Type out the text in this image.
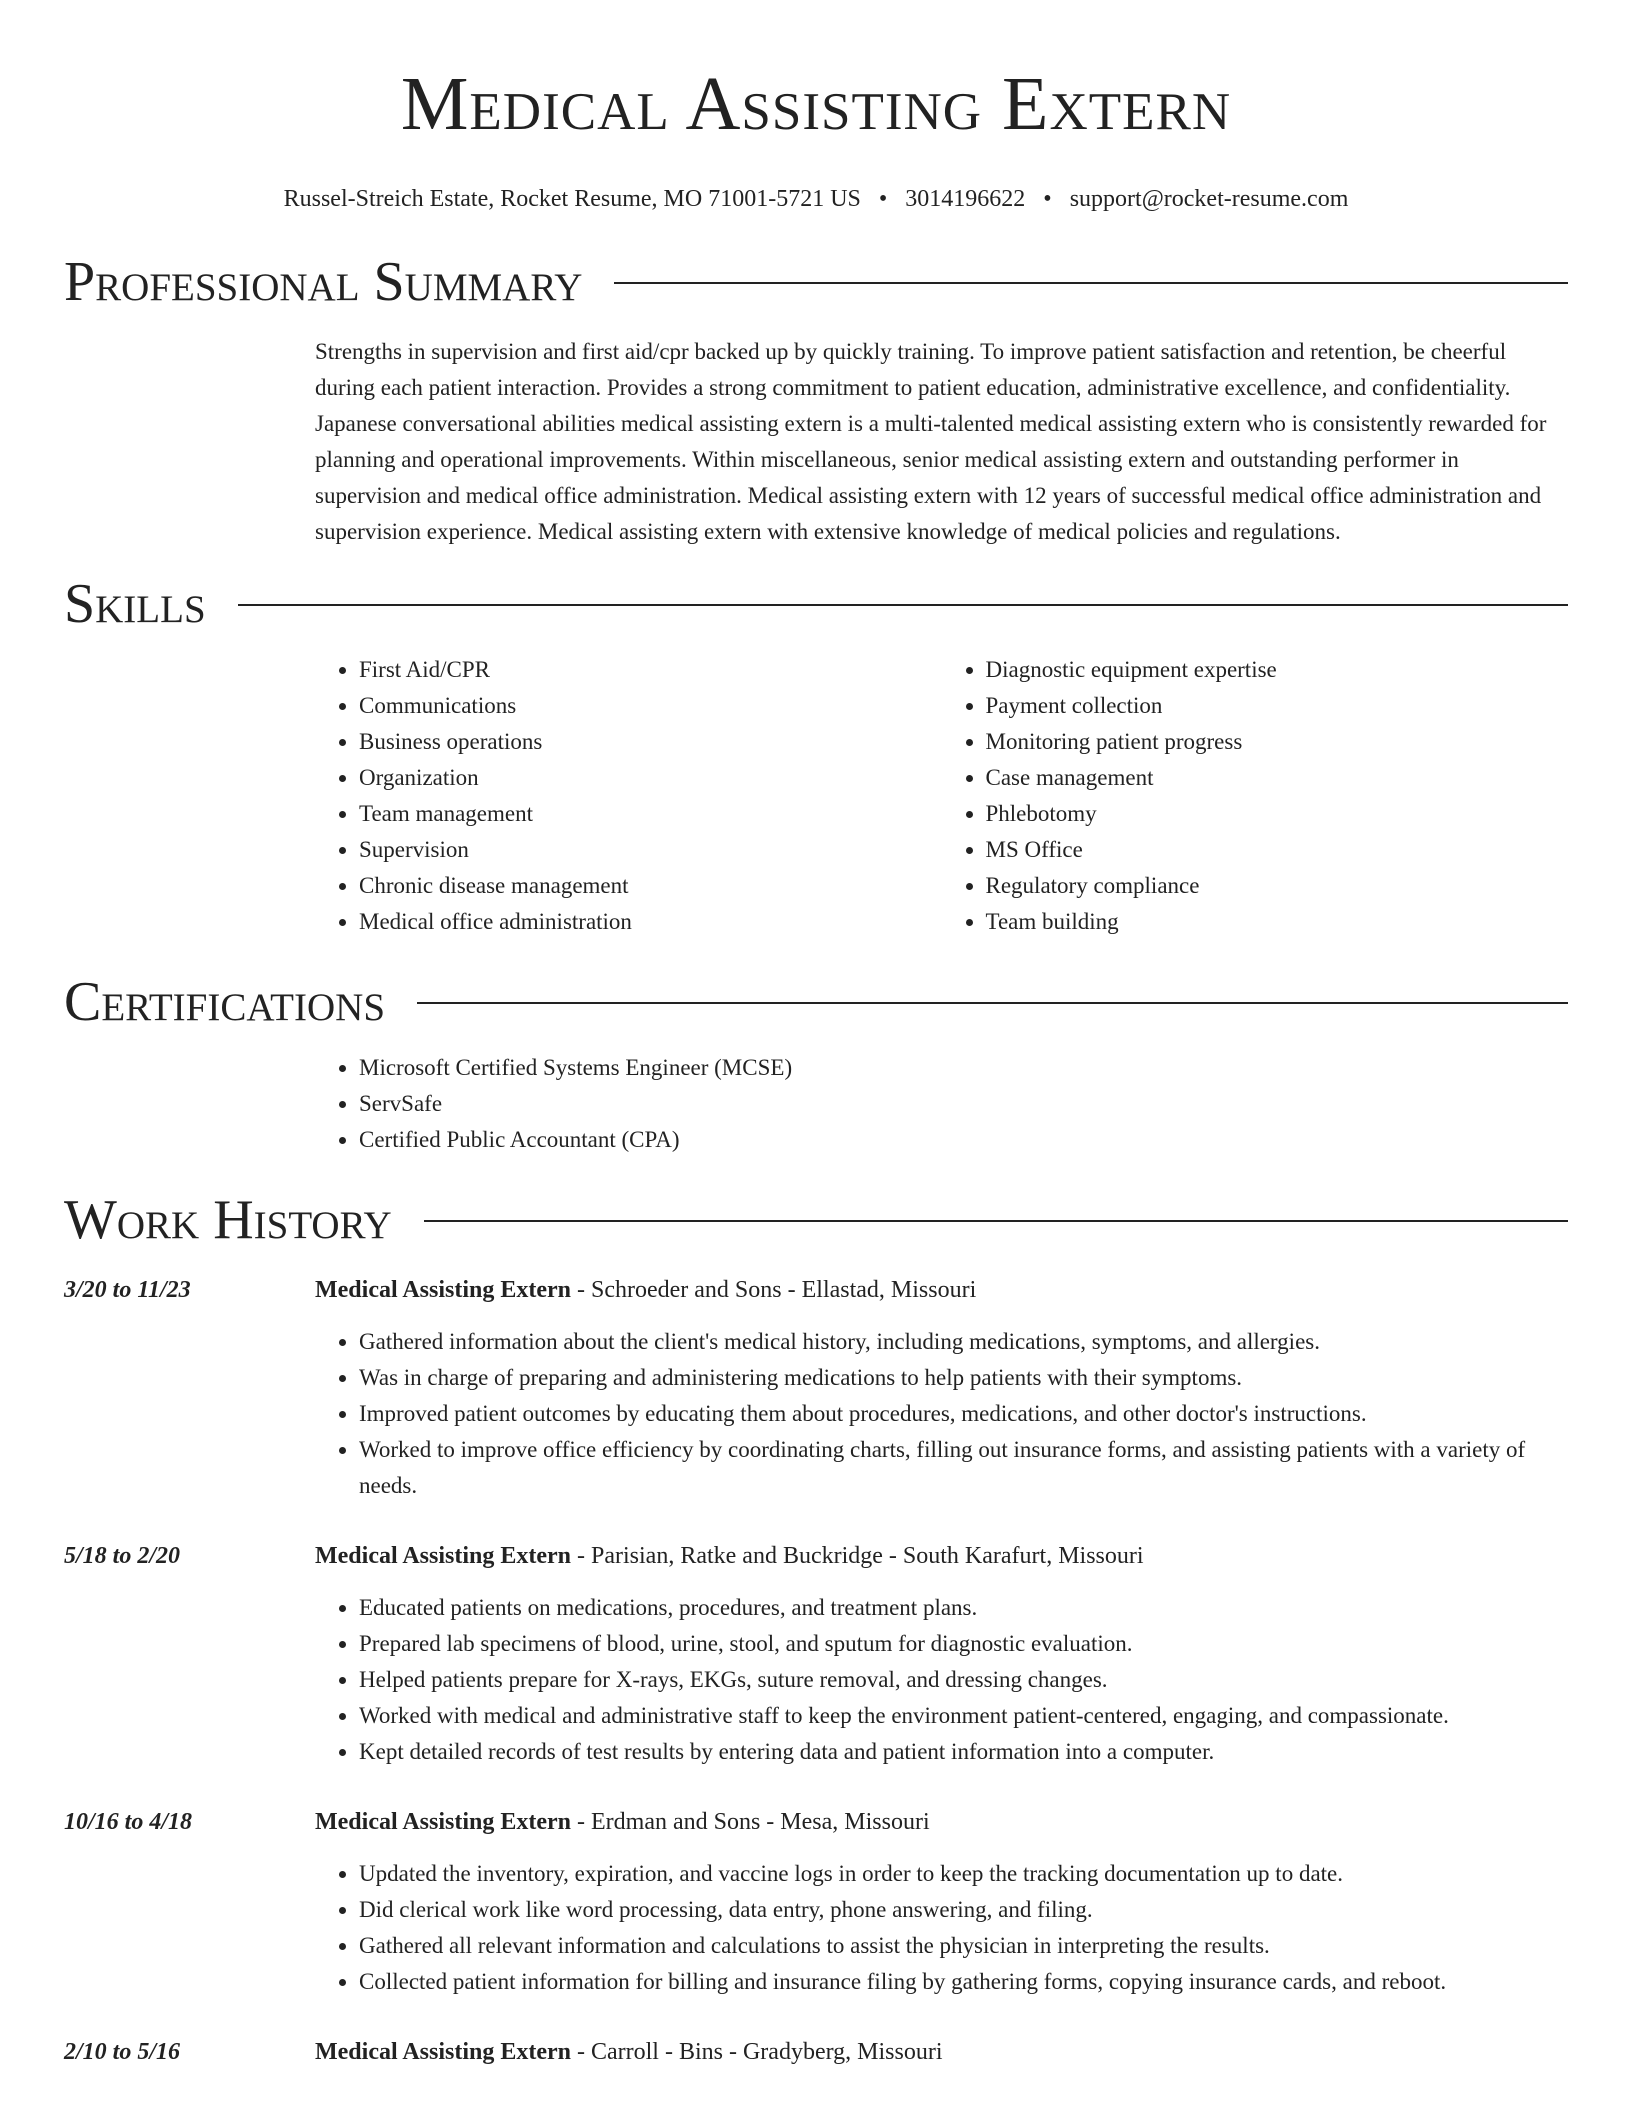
Medical Assisting Extern
Russel-Streich Estate, Rocket Resume, MO 71001-5721 US • 3014196622 • support@rocket-resume.com
Professional Summary
Strengths in supervision and first aid/cpr backed up by quickly training. To improve patient satisfaction and retention, be cheerful during each patient interaction. Provides a strong commitment to patient education, administrative excellence, and confidentiality. Japanese conversational abilities medical assisting extern is a multi-talented medical assisting extern who is consistently rewarded for planning and operational improvements. Within miscellaneous, senior medical assisting extern and outstanding performer in supervision and medical office administration. Medical assisting extern with 12 years of successful medical office administration and supervision experience. Medical assisting extern with extensive knowledge of medical policies and regulations.
Skills
• First Aid/CPR
• Communications
• Business operations
• Organization
• Team management
• Supervision
• Chronic disease management
• Medical office administration
• Diagnostic equipment expertise
• Payment collection
• Monitoring patient progress
• Case management
• Phlebotomy
• MS Office
• Regulatory compliance
• Team building
Certifications
• Microsoft Certified Systems Engineer (MCSE)
• ServSafe
• Certified Public Accountant (CPA)
Work History
3/20 to 11/23	Medical Assisting Extern - Schroeder and Sons - Ellastad, Missouri
• Gathered information about the client's medical history, including medications, symptoms, and allergies.
• Was in charge of preparing and administering medications to help patients with their symptoms.
• Improved patient outcomes by educating them about procedures, medications, and other doctor's instructions.
• Worked to improve office efficiency by coordinating charts, filling out insurance forms, and assisting patients with a variety of needs.
5/18 to 2/20	Medical Assisting Extern - Parisian, Ratke and Buckridge - South Karafurt, Missouri
• Educated patients on medications, procedures, and treatment plans.
• Prepared lab specimens of blood, urine, stool, and sputum for diagnostic evaluation.
• Helped patients prepare for X-rays, EKGs, suture removal, and dressing changes.
• Worked with medical and administrative staff to keep the environment patient-centered, engaging, and compassionate.
• Kept detailed records of test results by entering data and patient information into a computer.
10/16 to 4/18	Medical Assisting Extern - Erdman and Sons - Mesa, Missouri
• Updated the inventory, expiration, and vaccine logs in order to keep the tracking documentation up to date.
• Did clerical work like word processing, data entry, phone answering, and filing.
• Gathered all relevant information and calculations to assist the physician in interpreting the results.
• Collected patient information for billing and insurance filing by gathering forms, copying insurance cards, and reboot.
2/10 to 5/16	Medical Assisting Extern - Carroll - Bins - Gradyberg, Missouri
